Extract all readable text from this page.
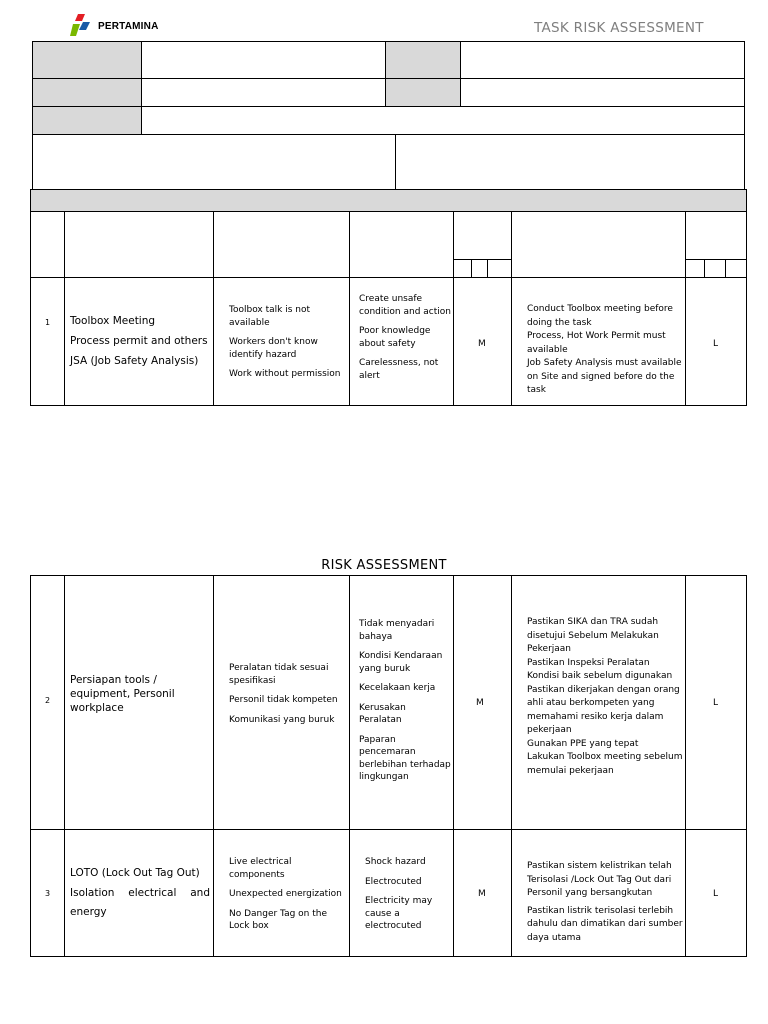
PERTAMINA	TASK RISK ASSESSMENT
1 Toolbox Meeting

Process permit and others

JSA (Job Safety Analysis)

Toolbox talk is not available

Workers don't know identify hazard

Work without permission

Create unsafe condition and action

Poor knowledge about safety

Carelessness, not alert

M
Conduct Toolbox meeting before doing the task
Process, Hot Work Permit must available
Job Safety Analysis must available on Site and signed before do the task
L
RISK ASSESSMENT
2

Persiapan tools / equipment, Personil workplace

Peralatan tidak sesuai spesifikasi

Personil tidak kompeten

Komunikasi yang buruk

Tidak menyadari bahaya

Kondisi Kendaraan yang buruk

Kecelakaan kerja

Kerusakan Peralatan

Paparan pencemaran berlebihan terhadap lingkungan

M
Pastikan SIKA dan TRA sudah disetujui Sebelum Melakukan Pekerjaan
Pastikan Inspeksi Peralatan Kondisi baik sebelum digunakan
Pastikan dikerjakan dengan orang ahli atau berkompeten yang memahami resiko kerja dalam pekerjaan
Gunakan PPE yang tepat
Lakukan Toolbox meeting sebelum memulai pekerjaan
L
3

LOTO (Lock Out Tag Out)

Isolation electrical and energy

Live electrical components

Unexpected energization

No Danger Tag on the Lock box

Shock hazard

Electrocuted

Electricity may cause a electrocuted

M

Pastikan sistem kelistrikan telah Terisolasi /Lock Out Tag Out dari Personil yang bersangkutan

Pastikan listrik terisolasi terlebih dahulu dan dimatikan dari sumber daya utama

L
